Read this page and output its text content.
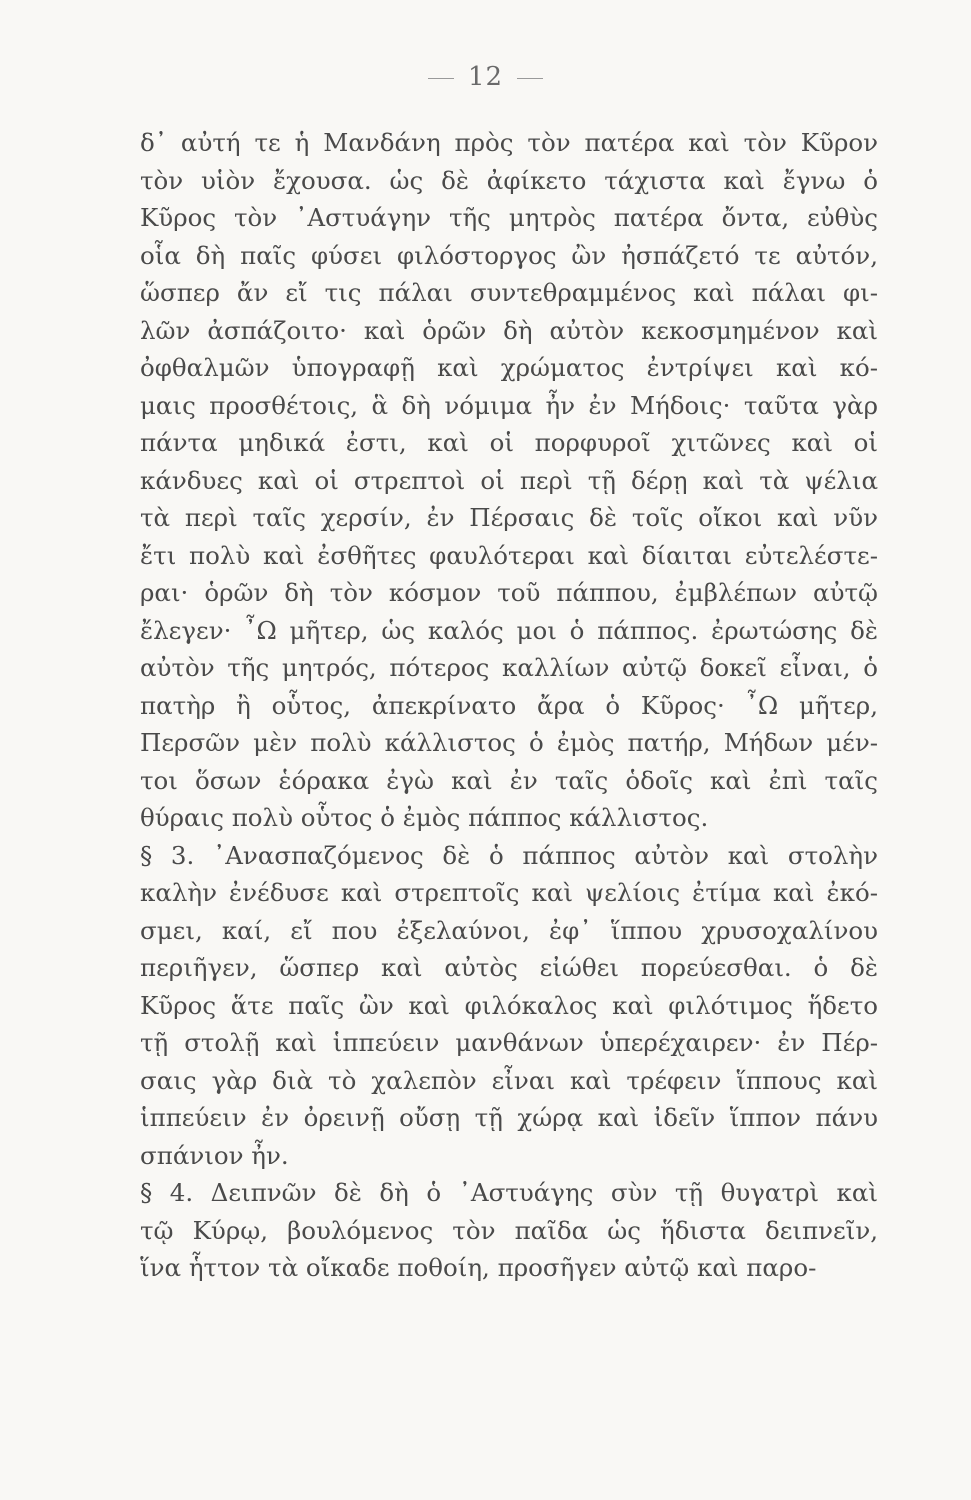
12
δ᾽ αὐτή τε ἡ Μανδάνη πρὸς τὸν πατέρα καὶ τὸν Κῦρον
τὸν υἱὸν ἔχουσα. ὡς δὲ ἀφίκετο τάχιστα καὶ ἔγνω ὁ
Κῦρος τὸν ᾽Αστυάγην τῆς μητρὸς πατέρα ὄντα, εὐθὺς
οἷα δὴ παῖς φύσει φιλόστοργος ὢν ἠσπάζετό τε αὐτόν,
ὥσπερ ἄν εἴ τις πάλαι συντεθραμμένος καὶ πάλαι φι-
λῶν ἀσπάζοιτο· καὶ ὁρῶν δὴ αὐτὸν κεκοσμημένον καὶ
ὀφθαλμῶν ὑπογραφῇ καὶ χρώματος ἐντρίψει καὶ κό-
μαις προσθέτοις, ἃ δὴ νόμιμα ἦν ἐν Μήδοις· ταῦτα γὰρ
πάντα μηδικά ἐστι, καὶ οἱ πορφυροῖ χιτῶνες καὶ οἱ
κάνδυες καὶ οἱ στρεπτοὶ οἱ περὶ τῇ δέρῃ καὶ τὰ ψέλια
τὰ περὶ ταῖς χερσίν, ἐν Πέρσαις δὲ τοῖς οἴκοι καὶ νῦν
ἔτι πολὺ καὶ ἐσθῆτες φαυλότεραι καὶ δίαιται εὐτελέστε-
ραι· ὁρῶν δὴ τὸν κόσμον τοῦ πάππου, ἐμβλέπων αὐτῷ
ἔλεγεν· ῏Ω μῆτερ, ὡς καλός μοι ὁ πάππος. ἐρωτώσης δὲ
αὐτὸν τῆς μητρός, πότερος καλλίων αὐτῷ δοκεῖ εἶναι, ὁ
πατὴρ ἢ οὗτος, ἀπεκρίνατο ἄρα ὁ Κῦρος· ῏Ω μῆτερ,
Περσῶν μὲν πολὺ κάλλιστος ὁ ἐμὸς πατήρ, Μήδων μέν-
τοι ὅσων ἑόρακα ἐγὼ καὶ ἐν ταῖς ὁδοῖς καὶ ἐπὶ ταῖς
θύραις πολὺ οὗτος ὁ ἐμὸς πάππος κάλλιστος.
§ 3. ᾽Ανασπαζόμενος δὲ ὁ πάππος αὐτὸν καὶ στολὴν
καλὴν ἐνέδυσε καὶ στρεπτοῖς καὶ ψελίοις ἐτίμα καὶ ἐκό-
σμει, καί, εἴ που ἐξελαύνοι, ἐφ᾽ ἵππου χρυσοχαλίνου
περιῆγεν, ὥσπερ καὶ αὐτὸς εἰώθει πορεύεσθαι. ὁ δὲ
Κῦρος ἅτε παῖς ὢν καὶ φιλόκαλος καὶ φιλότιμος ἥδετο
τῇ στολῇ καὶ ἱππεύειν μανθάνων ὑπερέχαιρεν· ἐν Πέρ-
σαις γὰρ διὰ τὸ χαλεπὸν εἶναι καὶ τρέφειν ἵππους καὶ
ἱππεύειν ἐν ὀρεινῇ οὔσῃ τῇ χώρᾳ καὶ ἰδεῖν ἵππον πάνυ
σπάνιον ἦν.
§ 4. Δειπνῶν δὲ δὴ ὁ ᾽Αστυάγης σὺν τῇ θυγατρὶ καὶ
τῷ Κύρῳ, βουλόμενος τὸν παῖδα ὡς ἥδιστα δειπνεῖν,
ἵνα ἧττον τὰ οἴκαδε ποθοίη, προσῆγεν αὐτῷ καὶ παρο-
